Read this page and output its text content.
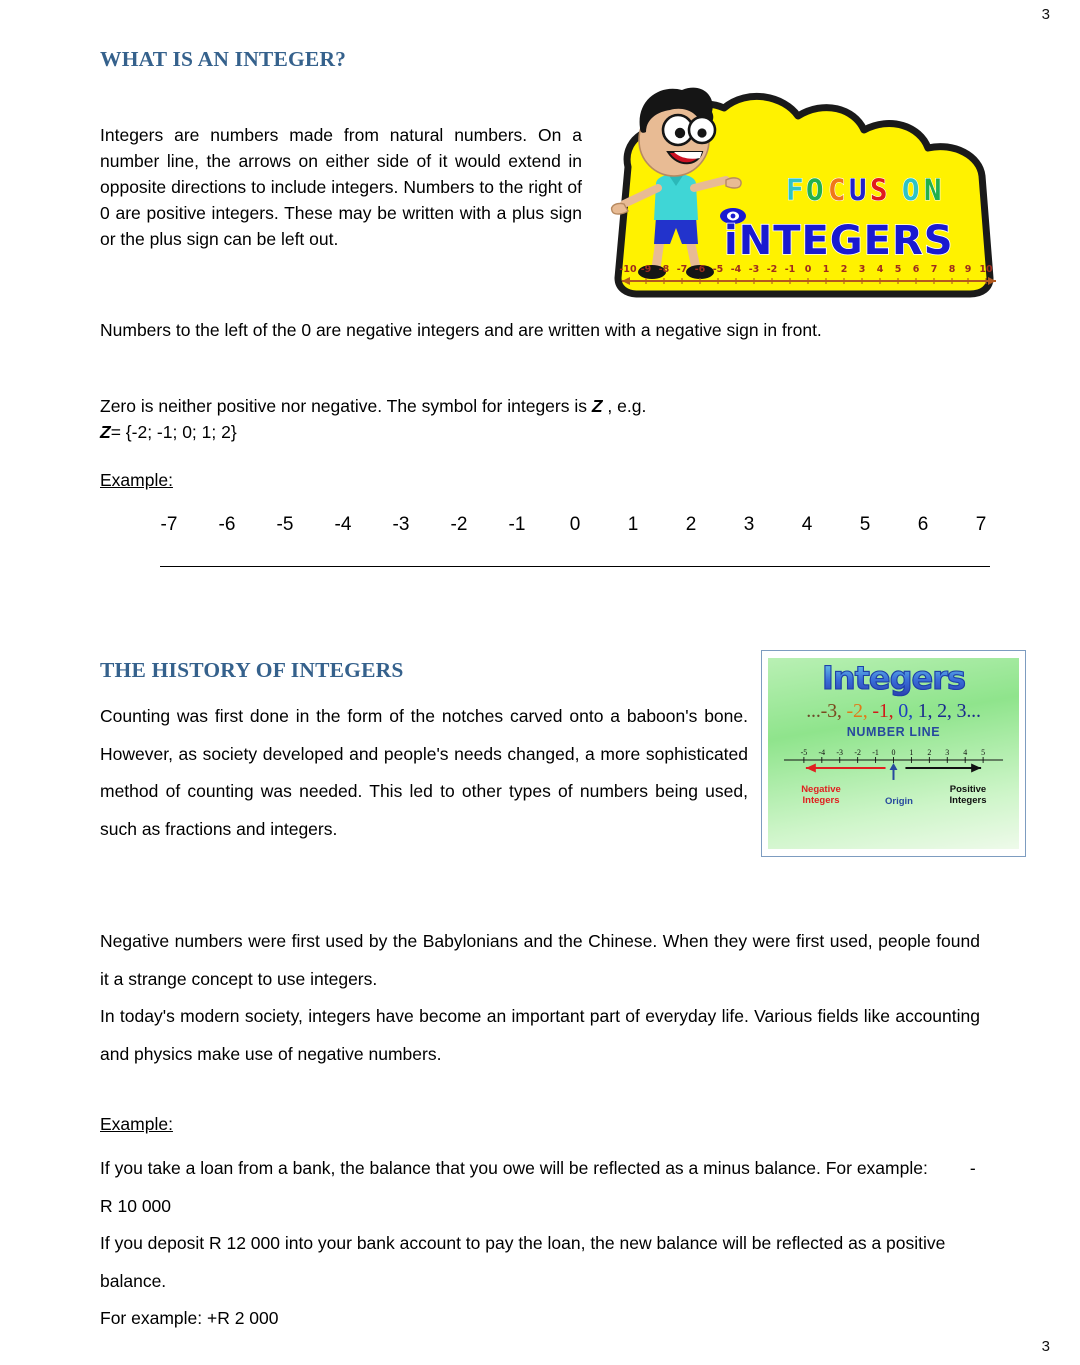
3
WHAT IS AN INTEGER?
Integers are numbers made from natural numbers. On a number line, the arrows on either side of it would extend in opposite directions to include integers. Numbers to the right of 0 are positive integers. These may be written with a plus sign or the plus sign can be left out.
Numbers to the left of the 0 are negative integers and are written with a negative sign in front.
Zero is neither positive nor negative. The symbol for integers is Z , e.g.
Z= {-2; -1; 0; 1; 2}
Example:
-7 -6 -5 -4 -3 -2 -1 0 1 2 3 4 5 6 7
F O C U S O N
iNTEGERS
-10 -9 -8 -7 -6 -5 -4 -3 -2 -1 0 1 2 3 4 5 6 7 8 9 10
THE HISTORY OF INTEGERS
Counting was first done in the form of the notches carved onto a baboon's bone. However, as society developed and people's needs changed, a more sophisticated method of counting was needed. This led to other types of numbers being used, such as fractions and integers.
Negative numbers were first used by the Babylonians and the Chinese. When they were first used, people found it a strange concept to use integers.
In today's modern society, integers have become an important part of everyday life. Various fields like accounting and physics make use of negative numbers.
Example:
If you take a loan from a bank, the balance that you owe will be reflected as a minus balance. For example: -R 10 000
If you deposit R 12 000 into your bank account to pay the loan, the new balance will be reflected as a positive balance.
For example: +R 2 000
Integers
...-3, -2, -1, 0, 1, 2, 3...
NUMBER LINE
-5 -4 -3 -2 -1 0 1 2 3 4 5
Negative Integers	Origin
Positive Integers
3
